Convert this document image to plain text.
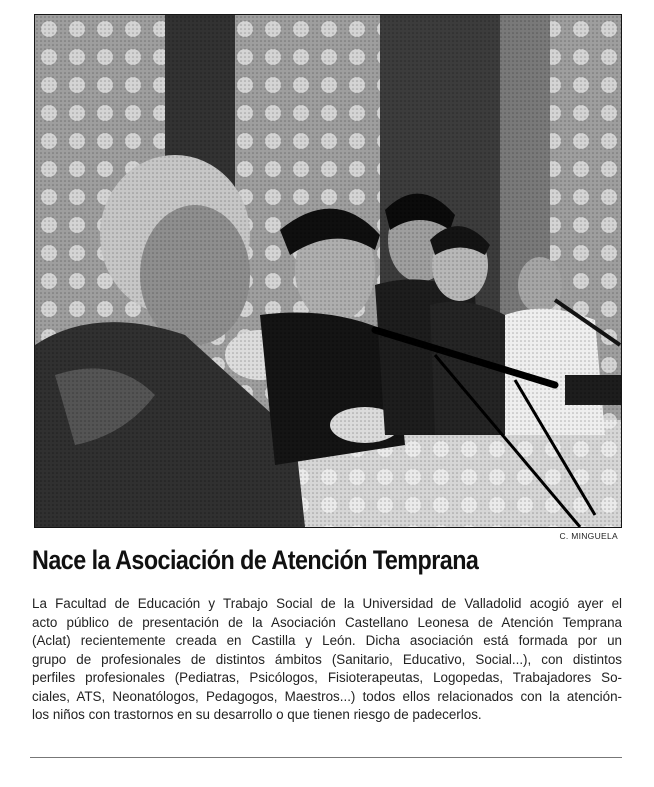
C. MINGUELA
Nace la Asociación de Atención Temprana
La Facultad de Educación y Trabajo Social de la Universidad de Valladolid acogió ayer el
acto público de presentación de la Asociación Castellano Leonesa de Atención Temprana
(Aclat) recientemente creada en Castilla y León. Dicha asociación está formada por un
grupo de profesionales de distintos ámbitos (Sanitario, Educativo, Social...), con distintos
perfiles profesionales (Pediatras, Psicólogos, Fisioterapeutas, Logopedas, Trabajadores So-
ciales, ATS, Neonatólogos, Pedagogos, Maestros...) todos ellos relacionados con la atención-
los niños con trastornos en su desarrollo o que tienen riesgo de padecerlos.
